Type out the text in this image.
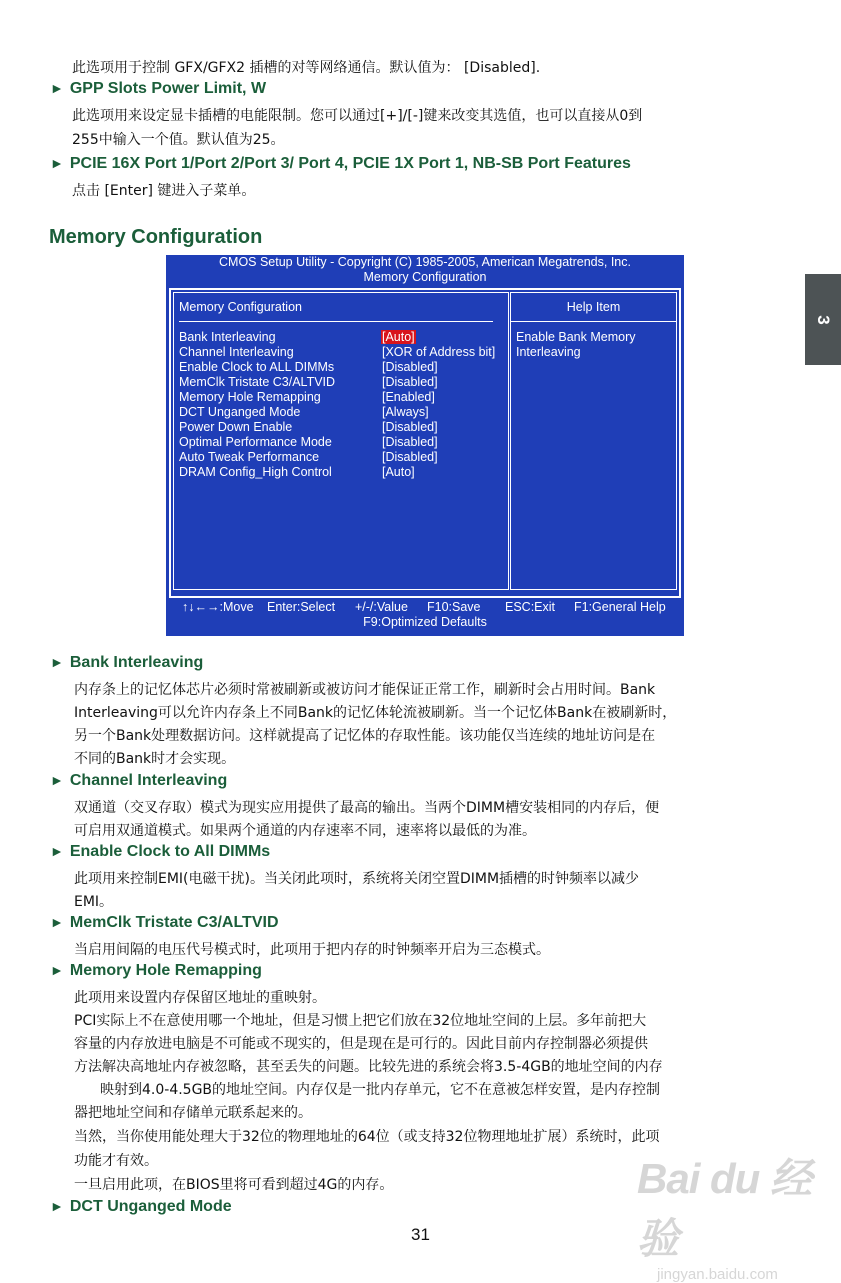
此选项用于控制 GFX/GFX2 插槽的对等网络通信。默认值为： [Disabled].
► GPP Slots Power Limit, W
此选项用来设定显卡插槽的电能限制。您可以通过[+]/[-]键来改变其选值，也可以直接从0到
255中输入一个值。默认值为25。
► PCIE 16X Port 1/Port 2/Port 3/ Port 4, PCIE 1X Port 1, NB-SB Port Features
点击 [Enter] 键进入子菜单。
Memory Configuration
3
CMOS Setup Utility - Copyright (C) 1985-2005, American Megatrends, Inc.
Memory Configuration
Memory Configuration
Bank Interleaving	[Auto]
Channel Interleaving	[XOR of Address bit]
Enable Clock to ALL DIMMs	[Disabled]
MemClk Tristate C3/ALTVID	[Disabled]
Memory Hole Remapping	[Enabled]
DCT Unganged Mode	[Always]
Power Down Enable	[Disabled]
Optimal Performance Mode	[Disabled]
Auto Tweak Performance	[Disabled]
DRAM Config_High Control	[Auto]
Help Item
Enable Bank Memory
Interleaving
↑↓←→:Move Enter:Select +/-/:Value F10:Save ESC:Exit F1:General Help
F9:Optimized Defaults
► Bank Interleaving
内存条上的记忆体芯片必须时常被刷新或被访问才能保证正常工作，刷新时会占用时间。Bank
Interleaving可以允许内存条上不同Bank的记忆体轮流被刷新。当一个记忆体Bank在被刷新时，
另一个Bank处理数据访问。这样就提高了记忆体的存取性能。该功能仅当连续的地址访问是在
不同的Bank时才会实现。
► Channel Interleaving
双通道（交叉存取）模式为现实应用提供了最高的输出。当两个DIMM槽安装相同的内存后，便
可启用双通道模式。如果两个通道的内存速率不同，速率将以最低的为准。
► Enable Clock to All DIMMs
此项用来控制EMI(电磁干扰)。当关闭此项时，系统将关闭空置DIMM插槽的时钟频率以减少
EMI。
► MemClk Tristate C3/ALTVID
当启用间隔的电压代号模式时，此项用于把内存的时钟频率开启为三态模式。
► Memory Hole Remapping
此项用来设置内存保留区地址的重映射。
PCI实际上不在意使用哪一个地址，但是习惯上把它们放在32位地址空间的上层。多年前把大
容量的内存放进电脑是不可能或不现实的，但是现在是可行的。因此目前内存控制器必须提供
方法解决高地址内存被忽略，甚至丢失的问题。比较先进的系统会将3.5-4GB的地址空间的内存
映射到4.0-4.5GB的地址空间。内存仅是一批内存单元，它不在意被怎样安置，是内存控制
器把地址空间和存储单元联系起来的。
当然，当你使用能处理大于32位的物理地址的64位（或支持32位物理地址扩展）系统时，此项
功能才有效。
一旦启用此项，在BIOS里将可看到超过4G的内存。
► DCT Unganged Mode
Bai du 经验
jingyan.baidu.com
31
